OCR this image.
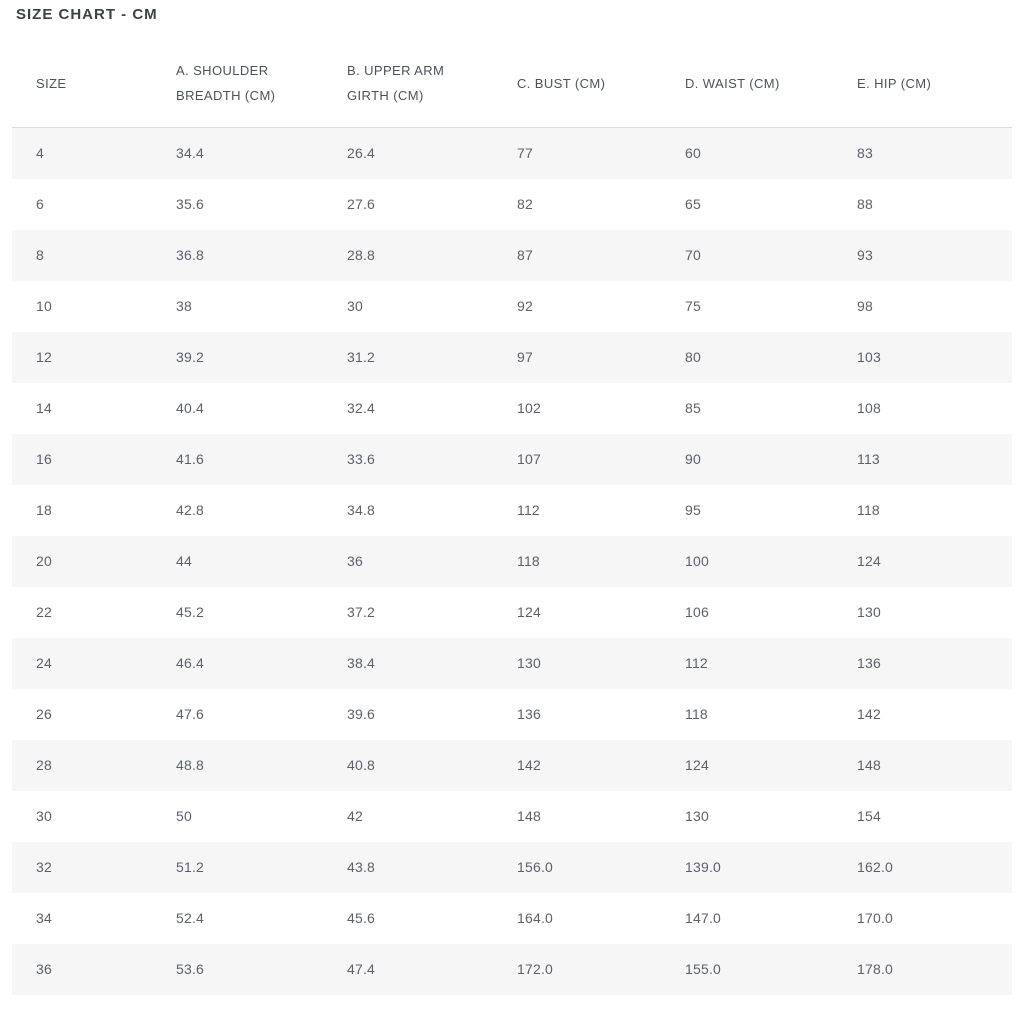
SIZE CHART - CM
SIZE	A. SHOULDER BREADTH (CM)	B. UPPER ARM GIRTH (CM)	C. BUST (CM)	D. WAIST (CM)	E. HIP (CM)
4	34.4	26.4	77	60	83
6	35.6	27.6	82	65	88
8	36.8	28.8	87	70	93
10	38	30	92	75	98
12	39.2	31.2	97	80	103
14	40.4	32.4	102	85	108
16	41.6	33.6	107	90	113
18	42.8	34.8	112	95	118
20	44	36	118	100	124
22	45.2	37.2	124	106	130
24	46.4	38.4	130	112	136
26	47.6	39.6	136	118	142
28	48.8	40.8	142	124	148
30	50	42	148	130	154
32	51.2	43.8	156.0	139.0	162.0
34	52.4	45.6	164.0	147.0	170.0
36	53.6	47.4	172.0	155.0	178.0
